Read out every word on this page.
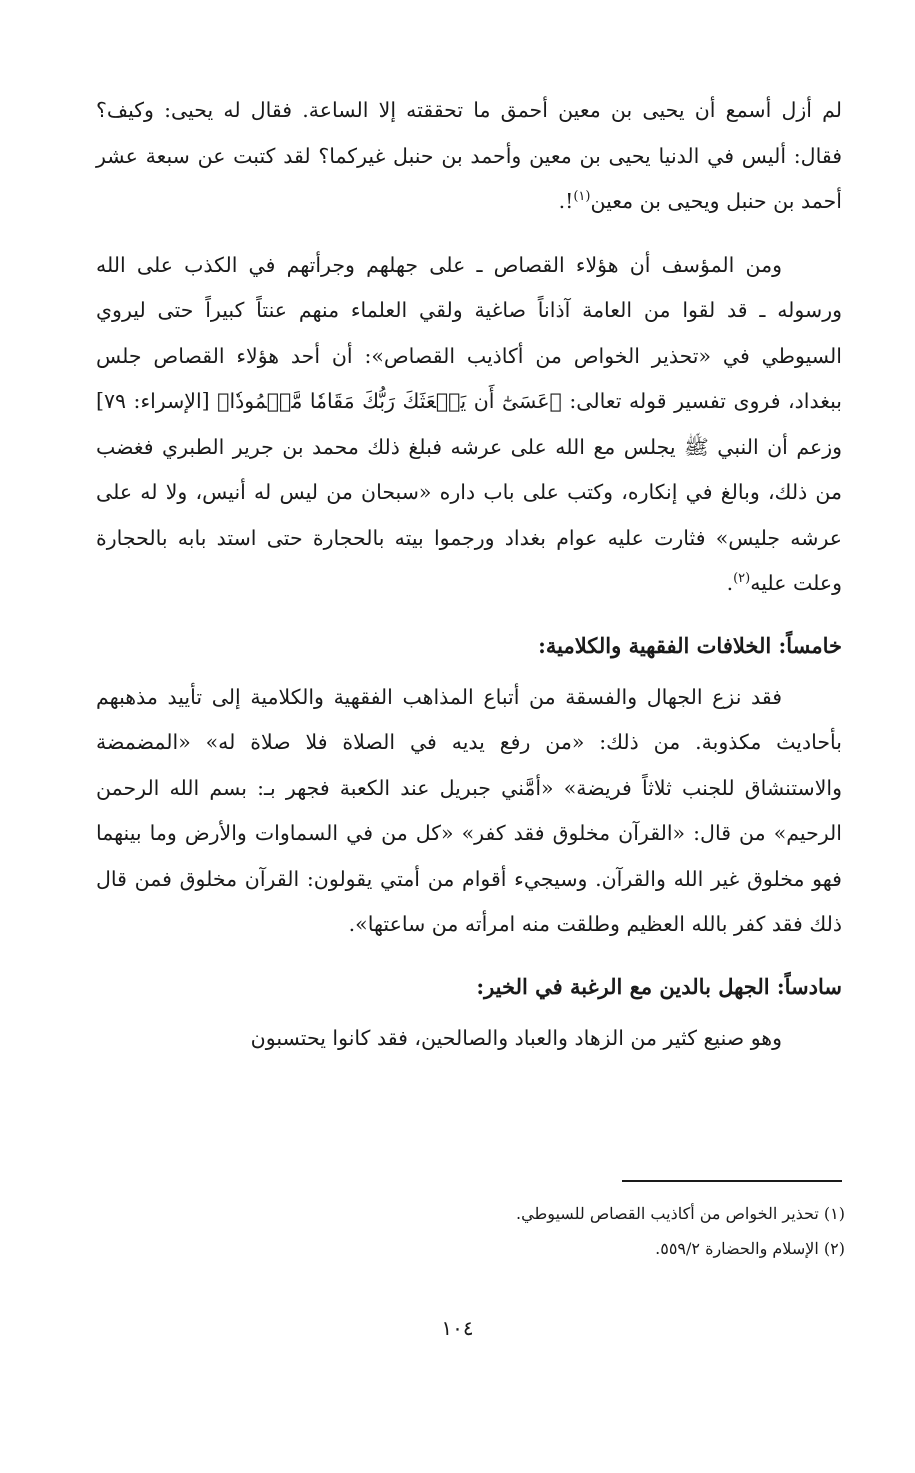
لم أزل أسمع أن يحيى بن معين أحمق ما تحققته إلا الساعة. فقال له يحيى: وكيف؟ فقال: أليس في الدنيا يحيى بن معين وأحمد بن حنبل غيركما؟ لقد كتبت عن سبعة عشر أحمد بن حنبل ويحيى بن معين$^{(١)}$!.

ومن المؤسف أن هؤلاء القصاص ـ على جهلهم وجرأتهم في الكذب على الله ورسوله ـ قد لقوا من العامة آذاناً صاغية ولقي العلماء منهم عنتاً كبيراً حتى ليروي السيوطي في «تحذير الخواص من أكاذيب القصاص»: أن أحد هؤلاء القصاص جلس ببغداد، فروى تفسير قوله تعالى: ﴿عَسَىٰٓ أَن يَبۡعَثَكَ رَبُّكَ مَقَامٗا مَّحۡمُودٗا﴾ [الإسراء: ٧٩] وزعم أن النبي ﷺ يجلس مع الله على عرشه فبلغ ذلك محمد بن جرير الطبري فغضب من ذلك، وبالغ في إنكاره، وكتب على باب داره «سبحان من ليس له أنيس، ولا له على عرشه جليس» فثارت عليه عوام بغداد ورجموا بيته بالحجارة حتى استد بابه بالحجارة وعلت عليه$^{(٢)}$.

خامساً: الخلافات الفقهية والكلامية:

فقد نزع الجهال والفسقة من أتباع المذاهب الفقهية والكلامية إلى تأييد مذهبهم بأحاديث مكذوبة. من ذلك: «من رفع يديه في الصلاة فلا صلاة له» «المضمضة والاستنشاق للجنب ثلاثاً فريضة» «أمَّني جبريل عند الكعبة فجهر بـ: بسم الله الرحمن الرحيم» من قال: «القرآن مخلوق فقد كفر» «كل من في السماوات والأرض وما بينهما فهو مخلوق غير الله والقرآن. وسيجيء أقوام من أمتي يقولون: القرآن مخلوق فمن قال ذلك فقد كفر بالله العظيم وطلقت منه امرأته من ساعتها».

سادساً: الجهل بالدين مع الرغبة في الخير:

وهو صنيع كثير من الزهاد والعباد والصالحين، فقد كانوا يحتسبون

(١) تحذير الخواص من أكاذيب القصاص للسيوطي.

(٢) الإسلام والحضارة ٥٥٩/٢.

١٠٤
